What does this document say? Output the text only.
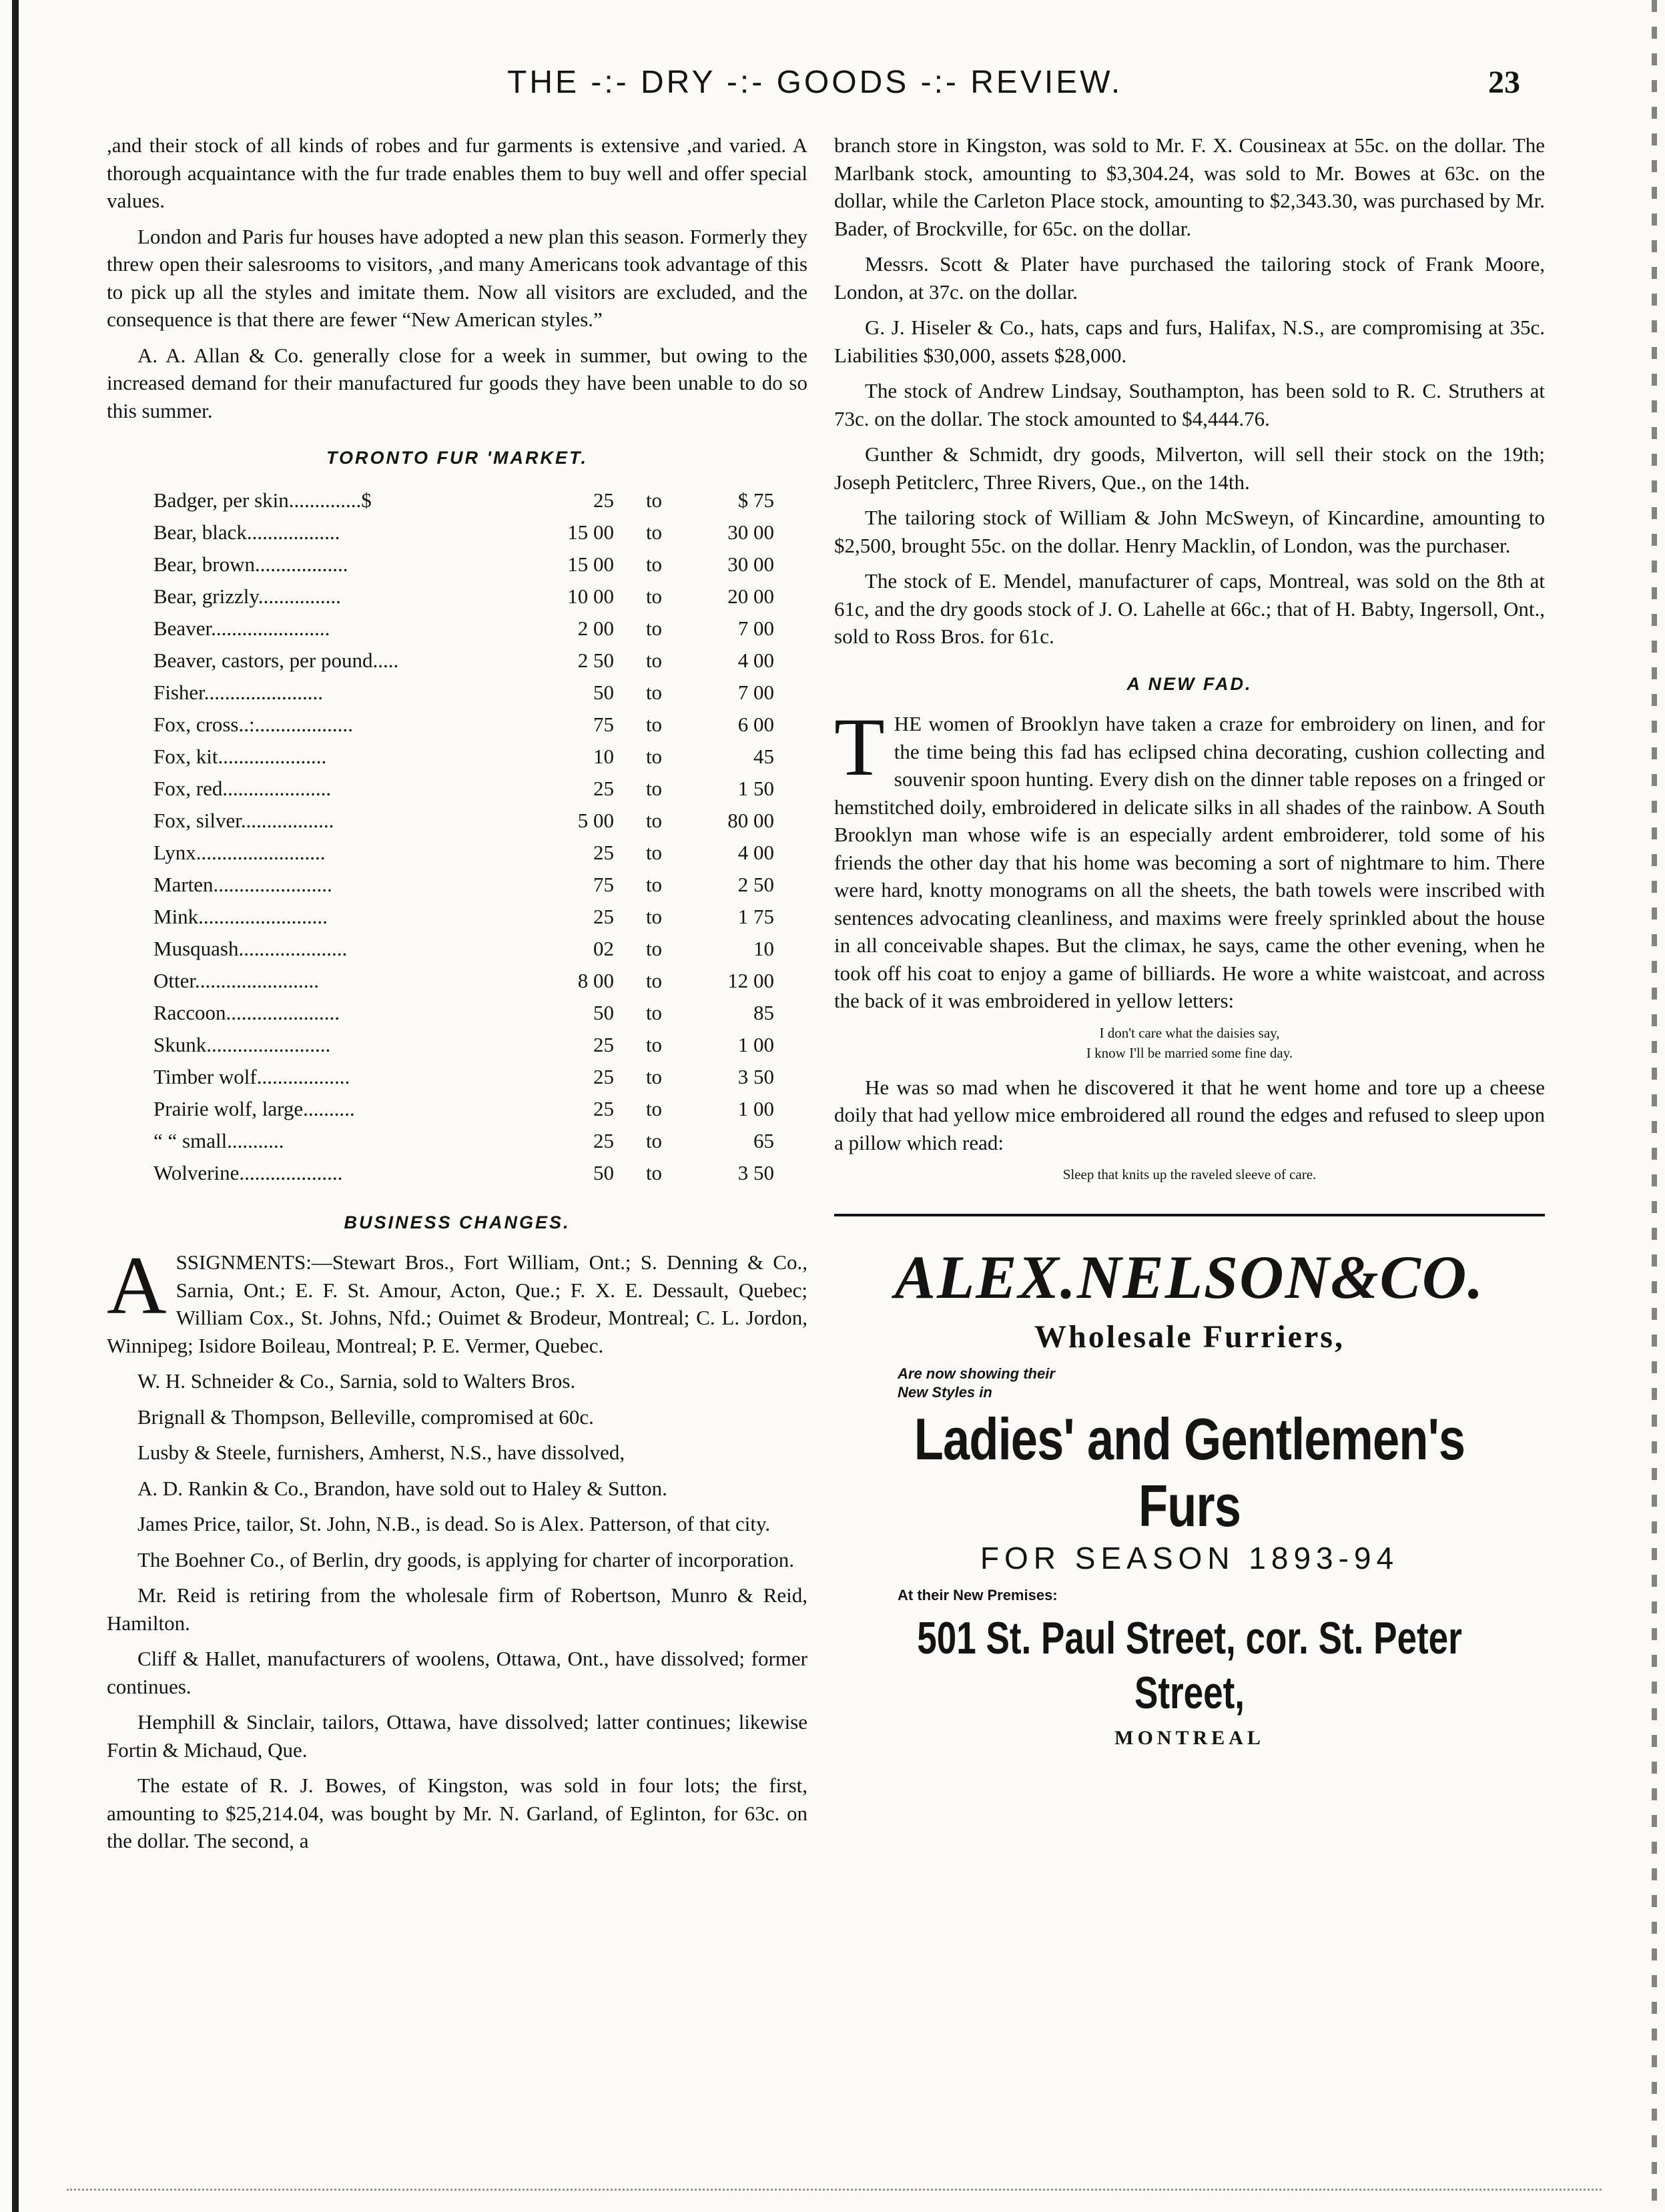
THE -:- DRY -:- GOODS -:- REVIEW.	23

,and their stock of all kinds of robes and fur garments is extensive ,and varied. A thorough acquaintance with the fur trade enables them to buy well and offer special values.

London and Paris fur houses have adopted a new plan this season. Formerly they threw open their salesrooms to visitors, ,and many Americans took advantage of this to pick up all the styles and imitate them. Now all visitors are excluded, and the consequence is that there are fewer “New American styles.”

A. A. Allan & Co. generally close for a week in summer, but owing to the increased demand for their manufactured fur goods they have been unable to do so this summer.

TORONTO FUR 'MARKET.
Badger, per skin..............$	25	to	$ 75
Bear, black..................	15 00	to	30 00
Bear, brown..................	15 00	to	30 00
Bear, grizzly................	10 00	to	20 00
Beaver.......................	2 00	to	7 00
Beaver, castors, per pound.....	2 50	to	4 00
Fisher.......................	50	to	7 00
Fox, cross..:...................	75	to	6 00
Fox, kit.....................	10	to	45
Fox, red.....................	25	to	1 50
Fox, silver..................	5 00	to	80 00
Lynx.........................	25	to	4 00
Marten.......................	75	to	2 50
Mink.........................	25	to	1 75
Musquash.....................	02	to	10
Otter........................	8 00	to	12 00
Raccoon......................	50	to	85
Skunk........................	25	to	1 00
Timber wolf..................	25	to	3 50
Prairie wolf, large..........	25	to	1 00
“ “ small...........	25	to	65
Wolverine....................	50	to	3 50
BUSINESS CHANGES.

ASSIGNMENTS:—Stewart Bros., Fort William, Ont.; S. Denning & Co., Sarnia, Ont.; E. F. St. Amour, Acton, Que.; F. X. E. Dessault, Quebec; William Cox., St. Johns, Nfd.; Ouimet & Brodeur, Montreal; C. L. Jordon, Winnipeg; Isidore Boileau, Montreal; P. E. Vermer, Quebec.

W. H. Schneider & Co., Sarnia, sold to Walters Bros.

Brignall & Thompson, Belleville, compromised at 60c.

Lusby & Steele, furnishers, Amherst, N.S., have dissolved,

A. D. Rankin & Co., Brandon, have sold out to Haley & Sutton.

James Price, tailor, St. John, N.B., is dead. So is Alex. Patterson, of that city.

The Boehner Co., of Berlin, dry goods, is applying for charter of incorporation.

Mr. Reid is retiring from the wholesale firm of Robertson, Munro & Reid, Hamilton.

Cliff & Hallet, manufacturers of woolens, Ottawa, Ont., have dissolved; former continues.

Hemphill & Sinclair, tailors, Ottawa, have dissolved; latter continues; likewise Fortin & Michaud, Que.

The estate of R. J. Bowes, of Kingston, was sold in four lots; the first, amounting to $25,214.04, was bought by Mr. N. Garland, of Eglinton, for 63c. on the dollar. The second, a

branch store in Kingston, was sold to Mr. F. X. Cousineax at 55c. on the dollar. The Marlbank stock, amounting to $3,304.24, was sold to Mr. Bowes at 63c. on the dollar, while the Carleton Place stock, amounting to $2,343.30, was purchased by Mr. Bader, of Brockville, for 65c. on the dollar.

Messrs. Scott & Plater have purchased the tailoring stock of Frank Moore, London, at 37c. on the dollar.

G. J. Hiseler & Co., hats, caps and furs, Halifax, N.S., are compromising at 35c. Liabilities $30,000, assets $28,000.

The stock of Andrew Lindsay, Southampton, has been sold to R. C. Struthers at 73c. on the dollar. The stock amounted to $4,444.76.

Gunther & Schmidt, dry goods, Milverton, will sell their stock on the 19th; Joseph Petitclerc, Three Rivers, Que., on the 14th.

The tailoring stock of William & John McSweyn, of Kincardine, amounting to $2,500, brought 55c. on the dollar. Henry Macklin, of London, was the purchaser.

The stock of E. Mendel, manufacturer of caps, Montreal, was sold on the 8th at 61c, and the dry goods stock of J. O. Lahelle at 66c.; that of H. Babty, Ingersoll, Ont., sold to Ross Bros. for 61c.

A NEW FAD.

THE women of Brooklyn have taken a craze for embroidery on linen, and for the time being this fad has eclipsed china decorating, cushion collecting and souvenir spoon hunting. Every dish on the dinner table reposes on a fringed or hemstitched doily, embroidered in delicate silks in all shades of the rainbow. A South Brooklyn man whose wife is an especially ardent embroiderer, told some of his friends the other day that his home was becoming a sort of nightmare to him. There were hard, knotty monograms on all the sheets, the bath towels were inscribed with sentences advocating cleanliness, and maxims were freely sprinkled about the house in all conceivable shapes. But the climax, he says, came the other evening, when he took off his coat to enjoy a game of billiards. He wore a white waistcoat, and across the back of it was embroidered in yellow letters:

I don't care what the daisies say,
I know I'll be married some fine day.

He was so mad when he discovered it that he went home and tore up a cheese doily that had yellow mice embroidered all round the edges and refused to sleep upon a pillow which read:

Sleep that knits up the raveled sleeve of care.
ALEX.NELSON&CO.
Wholesale Furriers,
Are now showing their
New Styles in
Ladies' and Gentlemen's Furs
FOR SEASON 1893-94
At their New Premises:
501 St. Paul Street, cor. St. Peter Street,
MONTREAL
